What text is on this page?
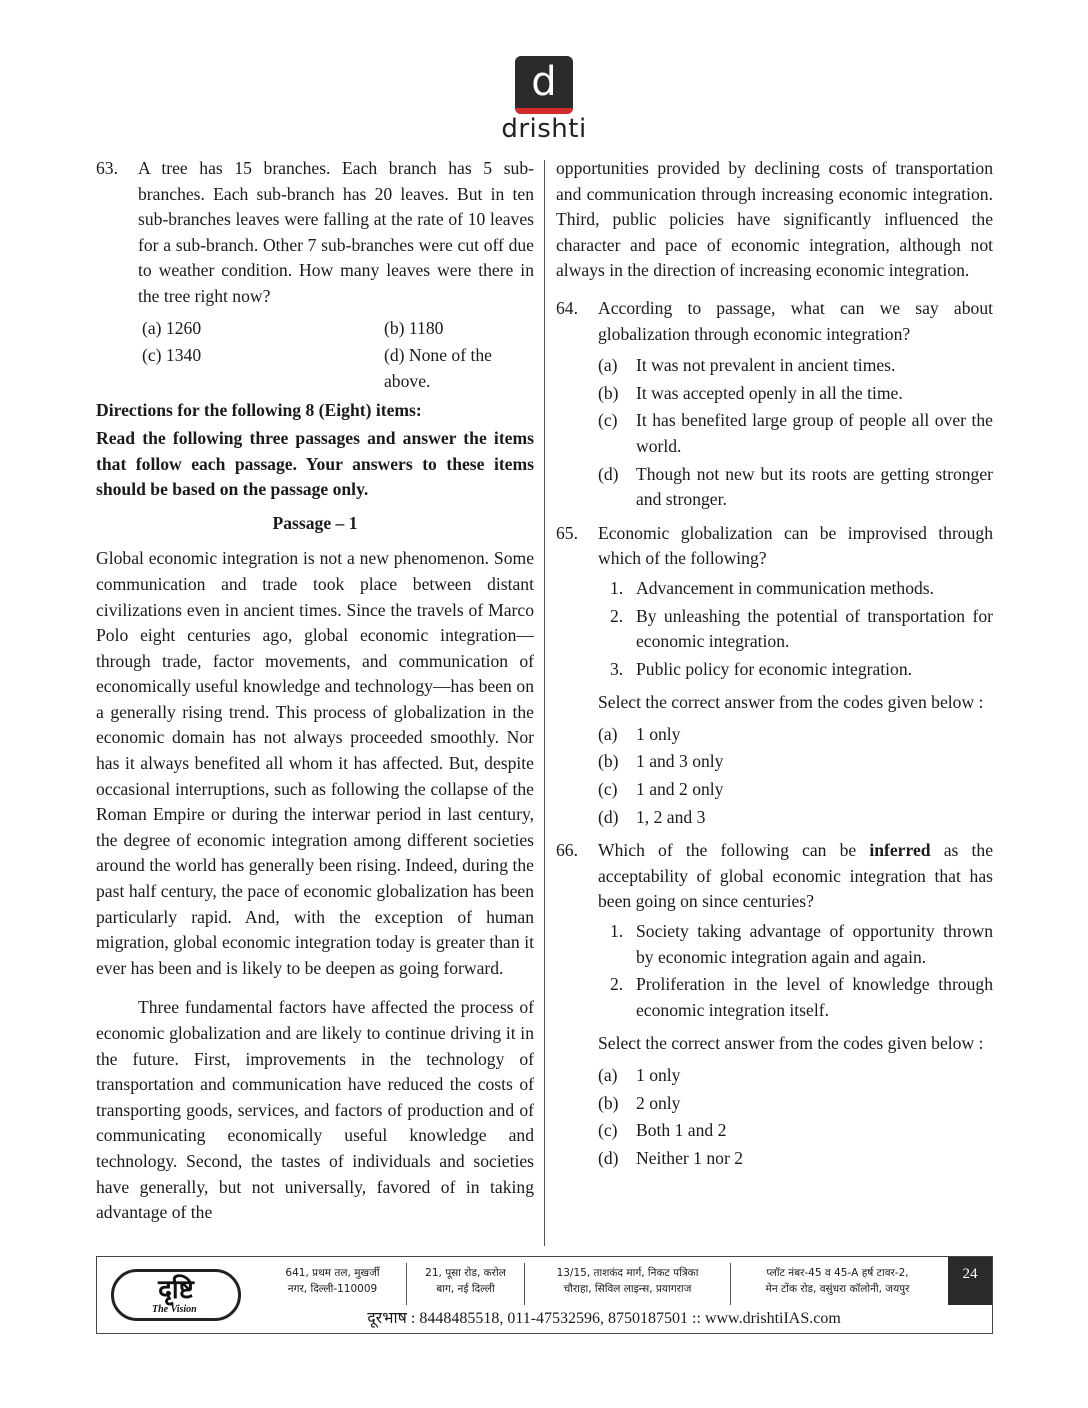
d
drishti
63. A tree has 15 branches. Each branch has 5 sub-branches. Each sub-branch has 20 leaves. But in ten sub-branches leaves were falling at the rate of 10 leaves for a sub-branch. Other 7 sub-branches were cut off due to weather condition. How many leaves were there in the tree right now?
(a) 1260	(b) 1180
(c) 1340	(d) None of the above.

Directions for the following 8 (Eight) items:

Read the following three passages and answer the items that follow each passage. Your answers to these items should be based on the passage only.

Passage – 1

Global economic integration is not a new phenomenon. Some communication and trade took place between distant civilizations even in ancient times. Since the travels of Marco Polo eight centuries ago, global economic integration—through trade, factor movements, and communication of economically useful knowledge and technology—has been on a generally rising trend. This process of globalization in the economic domain has not always proceeded smoothly. Nor has it always benefited all whom it has affected. But, despite occasional interruptions, such as following the collapse of the Roman Empire or during the interwar period in last century, the degree of economic integration among different societies around the world has generally been rising. Indeed, during the past half century, the pace of economic globalization has been particularly rapid. And, with the exception of human migration, global economic integration today is greater than it ever has been and is likely to be deepen as going forward.

Three fundamental factors have affected the process of economic globalization and are likely to continue driving it in the future. First, improvements in the technology of transportation and communication have reduced the costs of transporting goods, services, and factors of production and of communicating economically useful knowledge and technology. Second, the tastes of individuals and societies have generally, but not universally, favored of in taking advantage of the

opportunities provided by declining costs of transportation and communication through increasing economic integration. Third, public policies have significantly influenced the character and pace of economic integration, although not always in the direction of increasing economic integration.

64. According to passage, what can we say about globalization through economic integration?
(a)	It was not prevalent in ancient times.
(b) It was accepted openly in all the time.
(c)	It has benefited large group of people all over the world.
(d) Though not new but its roots are getting stronger and stronger.
65. Economic globalization can be improvised through which of the following?
1. Advancement in communication methods.
2. By unleashing the potential of transportation for economic integration.
3. Public policy for economic integration.

Select the correct answer from the codes given below :

(a)	1 only
(b) 1 and 3 only
(c)	1 and 2 only
(d) 1, 2 and 3
66. Which of the following can be inferred as the acceptability of global economic integration that has been going on since centuries?
1. Society taking advantage of opportunity thrown by economic integration again and again.
2. Proliferation in the level of knowledge through economic integration itself.

Select the correct answer from the codes given below :

(a)	1 only
(b) 2 only
(c)	Both 1 and 2
(d) Neither 1 nor 2
दृष्टि
The Vision
641, प्रथम तल, मुखर्जी
नगर, दिल्ली-110009
21, पूसा रोड, करोल
बाग, नई दिल्ली
13/15, ताशकंद मार्ग, निकट पत्रिका
चौराहा, सिविल लाइन्स, प्रयागराज
प्लॉट नंबर-45 व 45-A हर्ष टावर-2,
मेन टोंक रोड, वसुंधरा कॉलोनी, जयपुर
24
दूरभाष : 8448485518, 011-47532596, 8750187501 :: www.drishtiIAS.com
